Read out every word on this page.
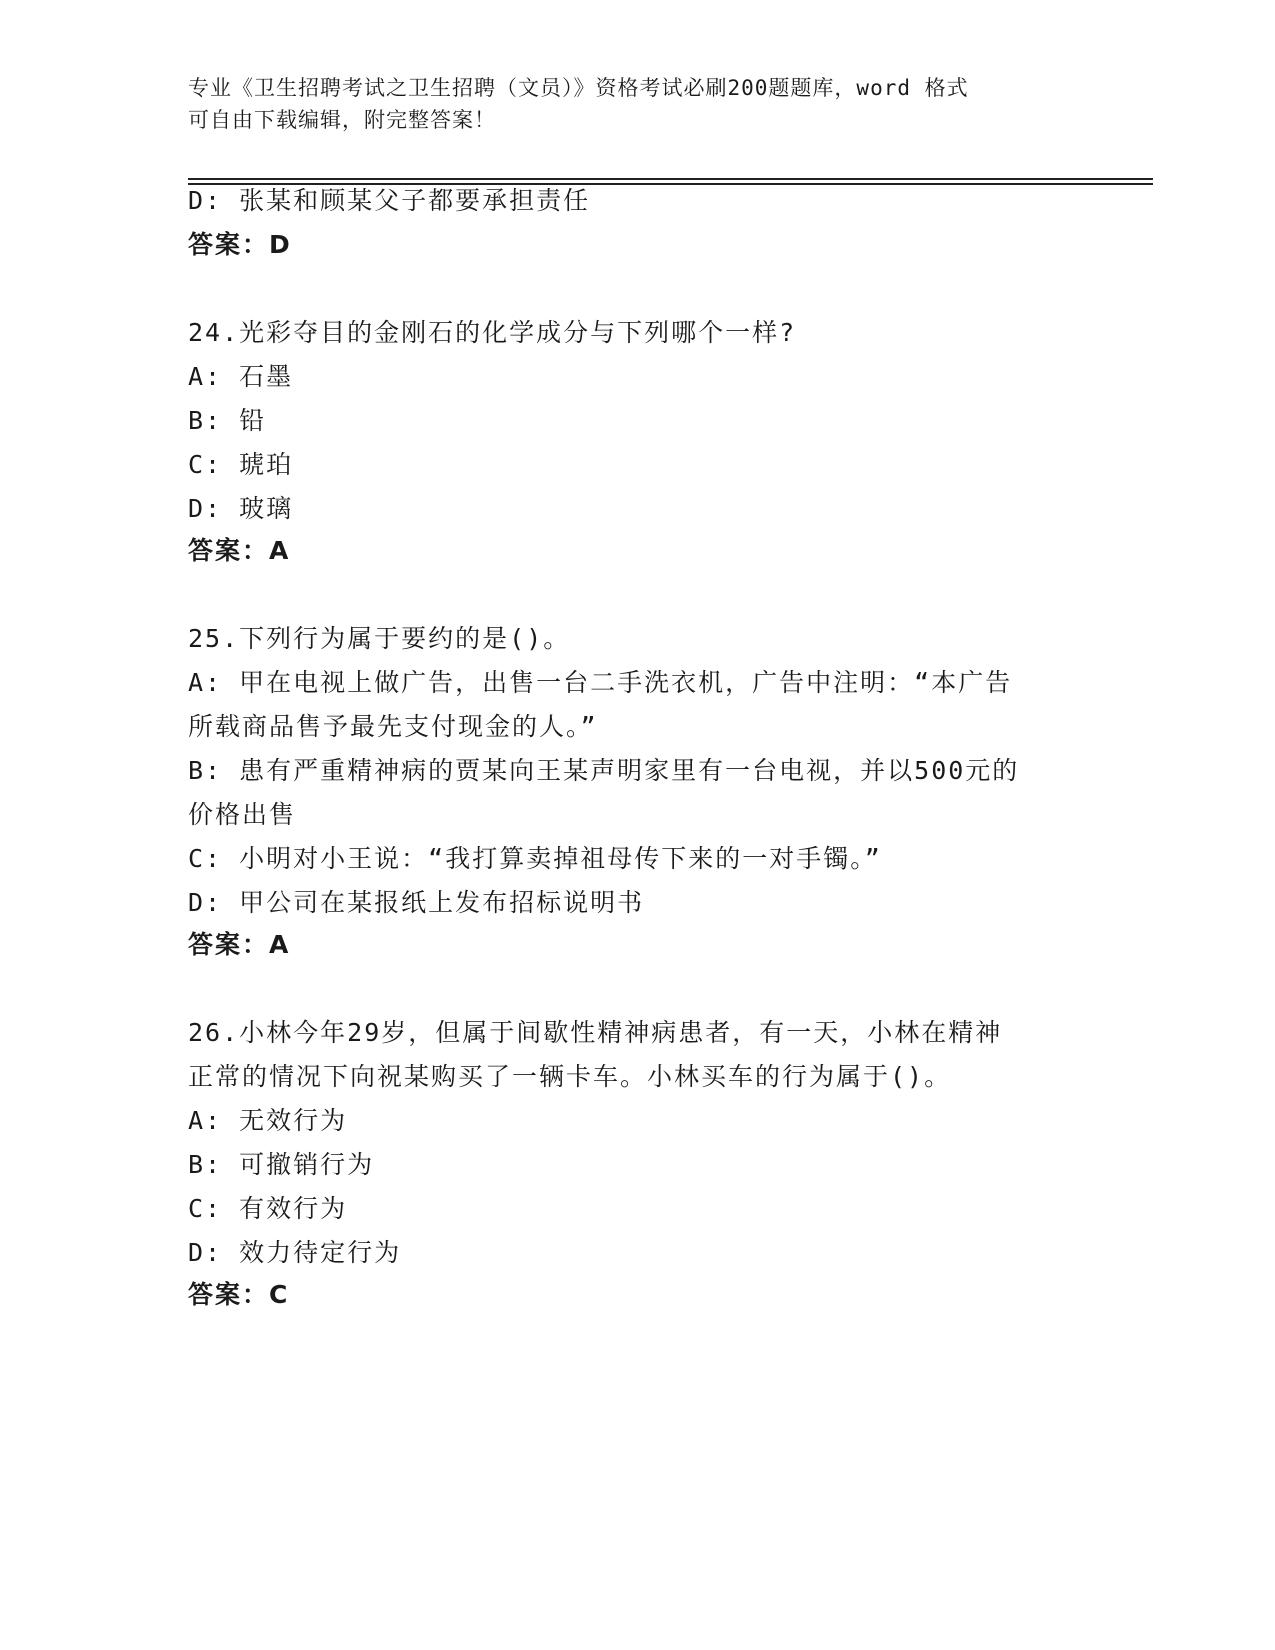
专业《卫生招聘考试之卫生招聘（文员）》资格考试必刷200题题库，word 格式
可自由下载编辑，附完整答案！
D: 张某和顾某父子都要承担责任
答案：D
24.光彩夺目的金刚石的化学成分与下列哪个一样?
A: 石墨
B: 铅
C: 琥珀
D: 玻璃
答案：A
25.下列行为属于要约的是()。
A: 甲在电视上做广告，出售一台二手洗衣机，广告中注明：“本广告
所载商品售予最先支付现金的人。”
B: 患有严重精神病的贾某向王某声明家里有一台电视，并以500元的
价格出售
C: 小明对小王说：“我打算卖掉祖母传下来的一对手镯。”
D: 甲公司在某报纸上发布招标说明书
答案：A
26.小林今年29岁，但属于间歇性精神病患者，有一天，小林在精神
正常的情况下向祝某购买了一辆卡车。小林买车的行为属于()。
A: 无效行为
B: 可撤销行为
C: 有效行为
D: 效力待定行为
答案：C
